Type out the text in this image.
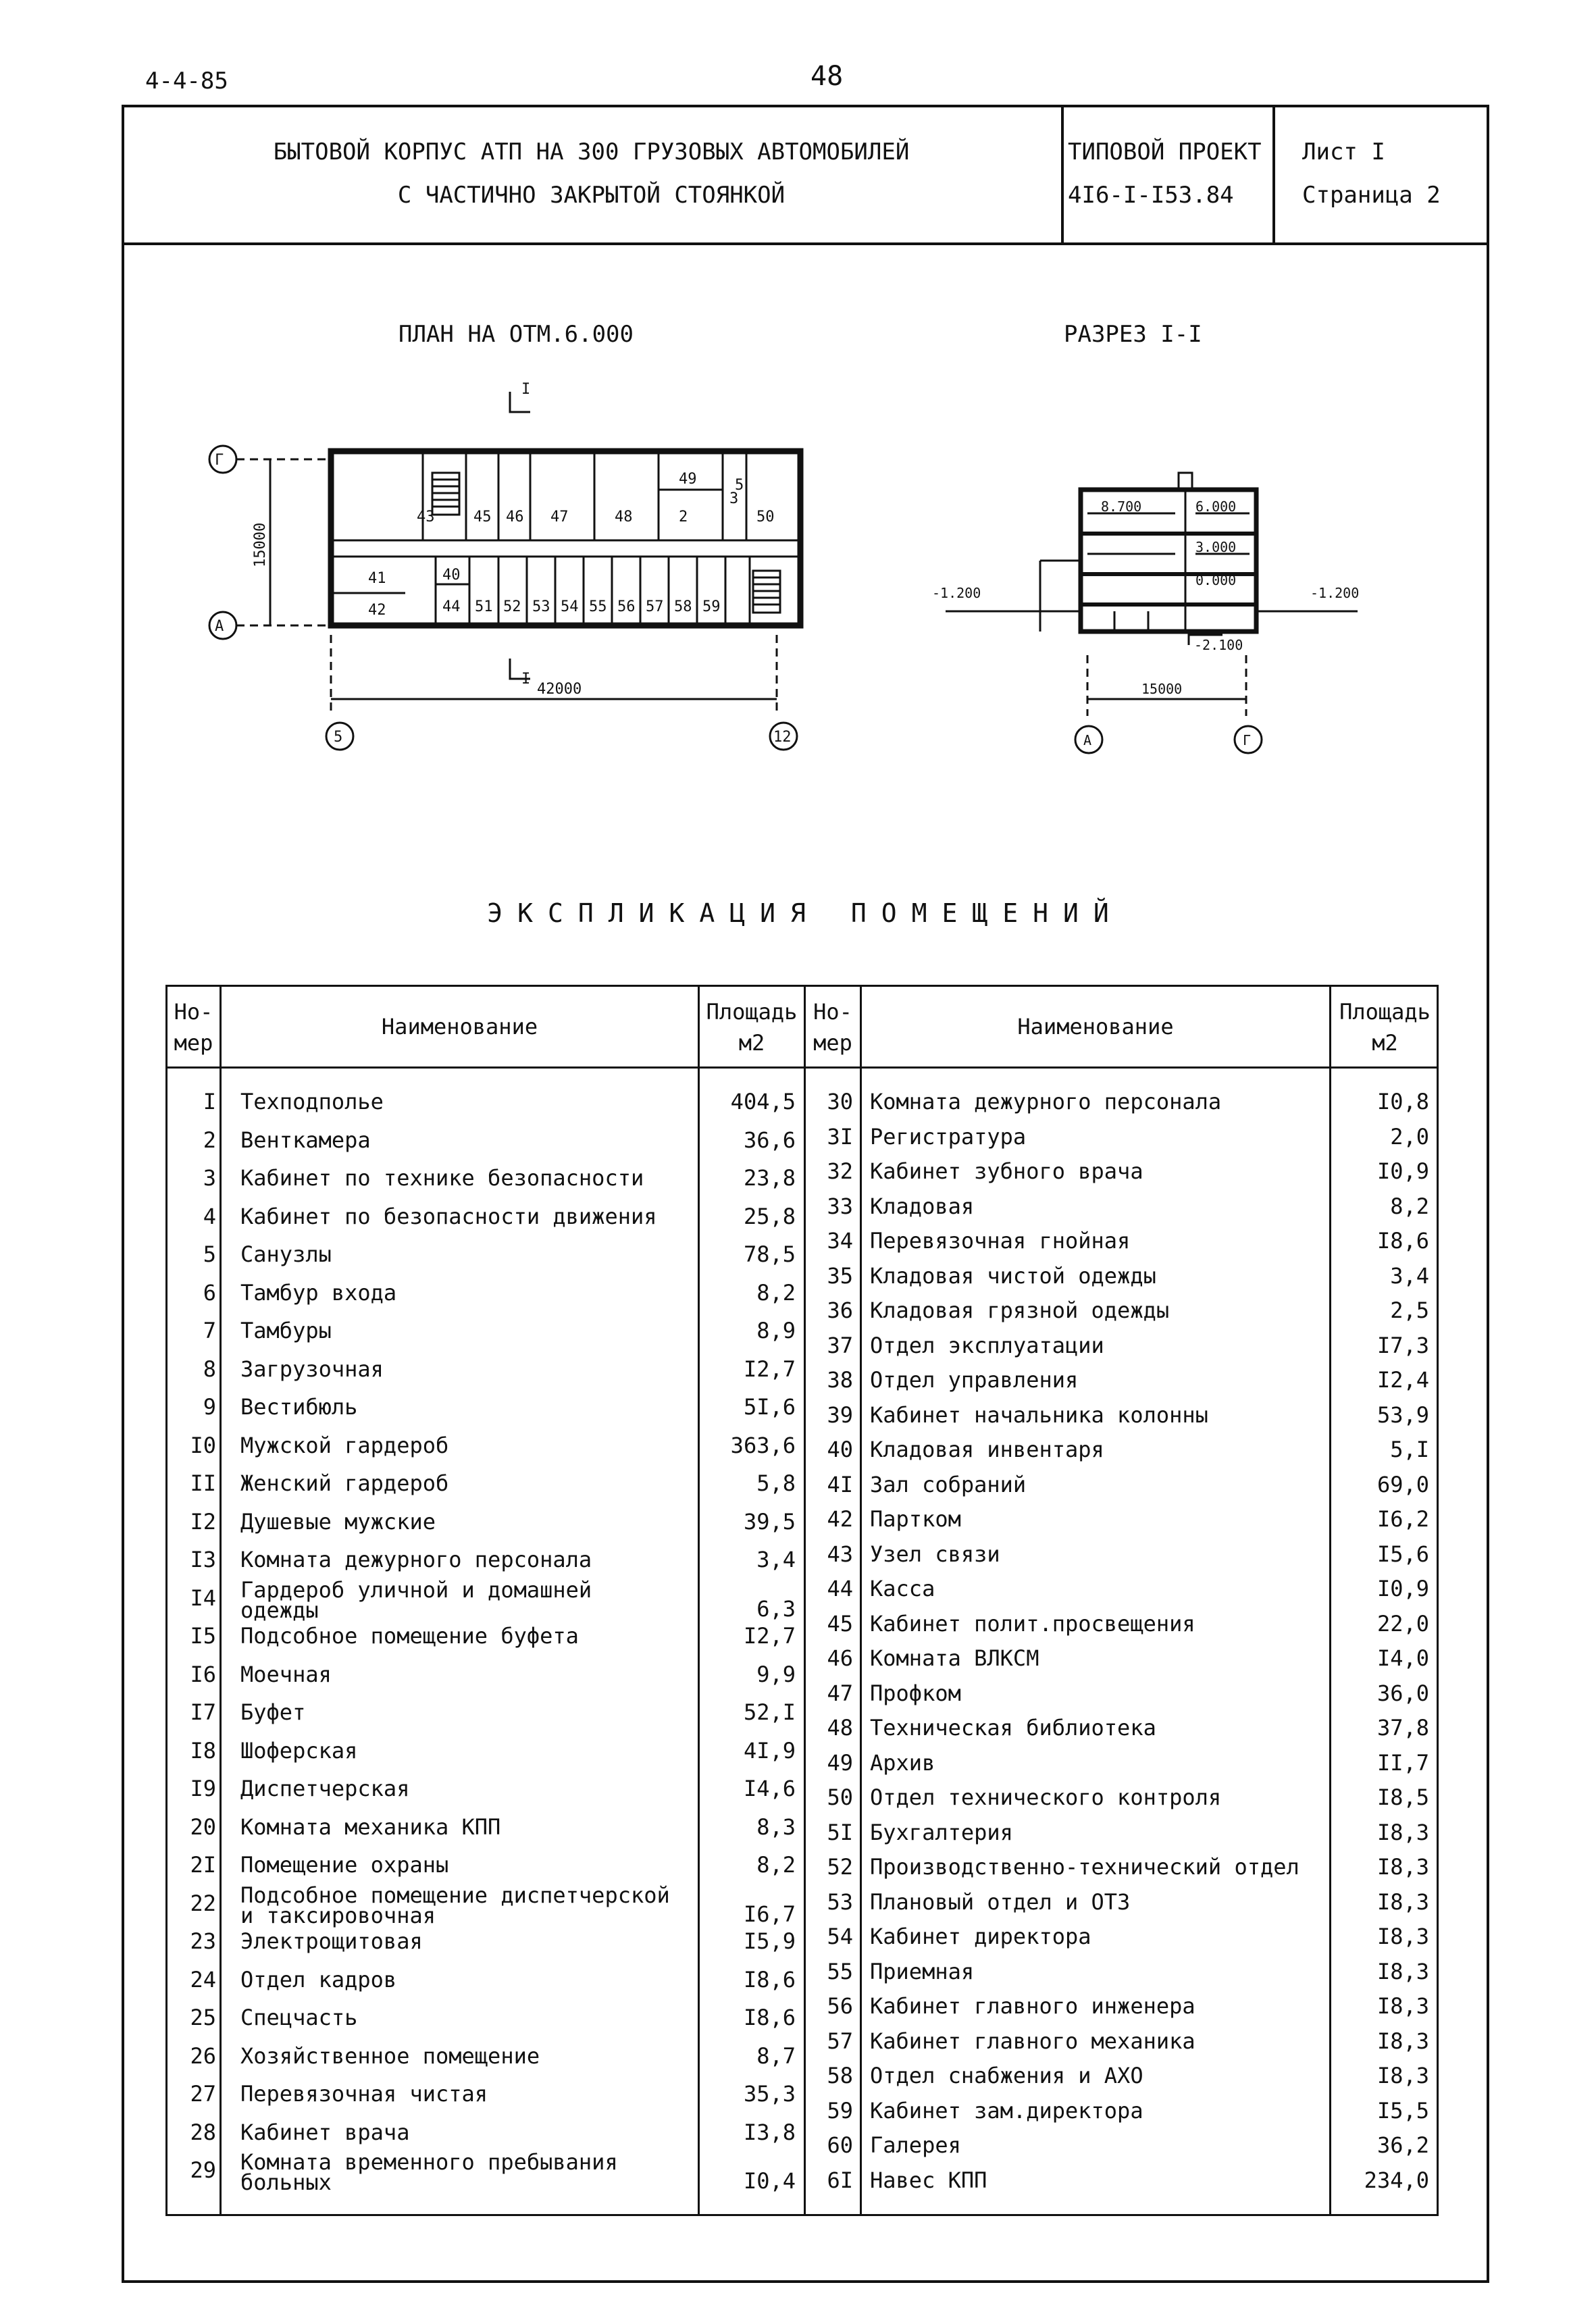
4-4-85	48
БЫТОВОЙ КОРПУС АТП НА 300 ГРУЗОВЫХ АВТОМОБИЛЕЙ
С ЧАСТИЧНО ЗАКРЫТОЙ СТОЯНКОЙ
ТИПОВОЙ ПРОЕКТ
4I6-I-I53.84
Лист I
Страница 2
ПЛАН НА ОТМ.6.000	РАЗРЕЗ I-I
Г
А
5	12
I
I
42000
15000
43	45 46 47	48	2
3
50
49	5
41
42
40
44 51 52 53 54 55 56 57 58 59
8.700	6.000
3.000
0.000
-1.200	-1.200
-2.100
15000
А	Г
ЭКСПЛИКАЦИЯ ПОМЕЩЕНИЙ
Но-
мер
Наименование
Площадь
м2
Но-
мер
Наименование
Площадь
м2
I Техподполье	404,5
2 Венткамера	36,6
3 Кабинет по технике безопасности	23,8
4 Кабинет по безопасности движения	25,8
5 Санузлы	78,5
6 Тамбур входа	8,2
7 Тамбуры	8,9
8 Загрузочная	I2,7
9 Вестибюль	5I,6
I0 Мужской гардероб	363,6
II Женский гардероб	5,8
I2 Душевые мужские	39,5
I3 Комната дежурного персонала	3,4
I4 Гардероб уличной и домашней
одежды	6,3
I5 Подсобное помещение буфета	I2,7
I6 Моечная	9,9
I7 Буфет	52,I
I8 Шоферская	4I,9
I9 Диспетчерская	I4,6
20 Комната механика КПП	8,3
2I Помещение охраны	8,2
22 Подсобное помещение диспетчерской
и таксировочная	I6,7
23 Электрощитовая	I5,9
24 Отдел кадров	I8,6
25 Спецчасть	I8,6
26 Хозяйственное помещение	8,7
27 Перевязочная чистая	35,3
28 Кабинет врача	I3,8
29 Комната временного пребывания
больных	I0,4
30 Комната дежурного персонала	I0,8
3I Регистратура	2,0
32 Кабинет зубного врача	I0,9
33 Кладовая	8,2
34 Перевязочная гнойная	I8,6
35 Кладовая чистой одежды	3,4
36 Кладовая грязной одежды	2,5
37 Отдел эксплуатации	I7,3
38 Отдел управления	I2,4
39 Кабинет начальника колонны	53,9
40 Кладовая инвентаря	5,I
4I Зал собраний	69,0
42 Партком	I6,2
43 Узел связи	I5,6
44 Касса	I0,9
45 Кабинет полит.просвещения	22,0
46 Комната ВЛКСМ	I4,0
47 Профком	36,0
48 Техническая библиотека	37,8
49 Архив	II,7
50 Отдел технического контроля	I8,5
5I Бухгалтерия	I8,3
52 Производственно-технический отдел	I8,3
53 Плановый отдел и ОТЗ	I8,3
54 Кабинет директора	I8,3
55 Приемная	I8,3
56 Кабинет главного инженера	I8,3
57 Кабинет главного механика	I8,3
58 Отдел снабжения и АХО	I8,3
59 Кабинет зам.директора	I5,5
60 Галерея	36,2
6I Навес КПП	234,0
